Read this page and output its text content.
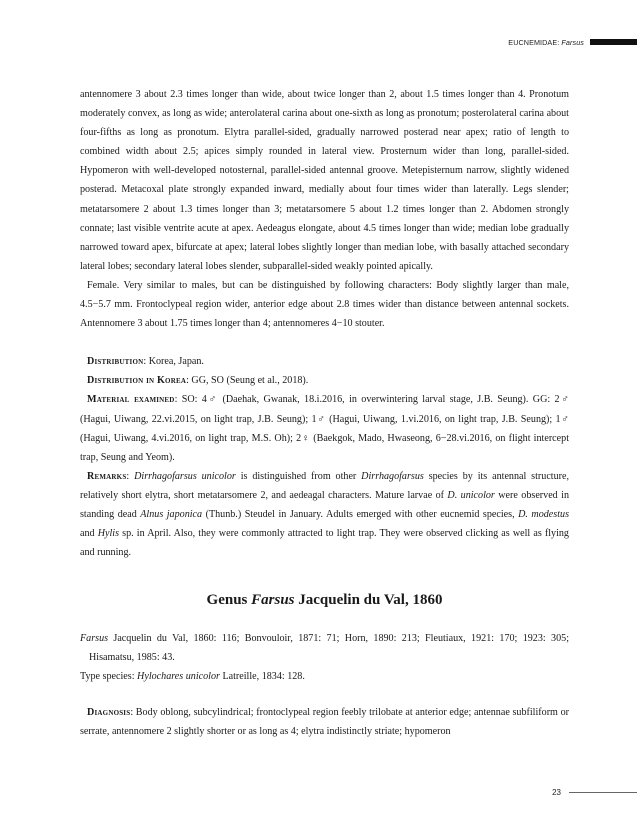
EUCNEMIDAE: Farsus

antennomere 3 about 2.3 times longer than wide, about twice longer than 2, about 1.5 times longer than 4. Pronotum moderately convex, as long as wide; anterolateral carina about one-sixth as long as pronotum; posterolateral carina about four-fifths as long as pronotum. Elytra parallel-sided, gradually narrowed posterad near apex; ratio of length to combined width about 2.5; apices simply rounded in lateral view. Prosternum wider than long, parallel-sided. Hypomeron with well-developed notosternal, parallel-sided antennal groove. Metepisternum narrow, slightly widened posterad. Metacoxal plate strongly expanded inward, medially about four times wider than laterally. Legs slender; metatarsomere 2 about 1.3 times longer than 3; metatarsomere 5 about 1.2 times longer than 2. Abdomen strongly connate; last visible ventrite acute at apex. Aedeagus elongate, about 4.5 times longer than wide; median lobe gradually narrowed toward apex, bifurcate at apex; lateral lobes slightly longer than median lobe, with basally attached secondary lateral lobes; secondary lateral lobes slender, subparallel-sided weakly pointed apically.

Female. Very similar to males, but can be distinguished by following characters: Body slightly larger than male, 4.5−5.7 mm. Frontoclypeal region wider, anterior edge about 2.8 times wider than distance between antennal sockets. Antennomere 3 about 1.75 times longer than 4; antennomeres 4−10 stouter.

Distribution: Korea, Japan.

Distribution in Korea: GG, SO (Seung et al., 2018).

Material examined: SO: 4♂ (Daehak, Gwanak, 18.i.2016, in overwintering larval stage, J.B. Seung). GG: 2♂ (Hagui, Uiwang, 22.vi.2015, on light trap, J.B. Seung); 1♂ (Hagui, Uiwang, 1.vi.2016, on light trap, J.B. Seung); 1♂ (Hagui, Uiwang, 4.vi.2016, on light trap, M.S. Oh); 2♀ (Baekgok, Mado, Hwaseong, 6−28.vi.2016, on flight intercept trap, Seung and Yeom).

Remarks: Dirrhagofarsus unicolor is distinguished from other Dirrhagofarsus species by its antennal structure, relatively short elytra, short metatarsomere 2, and aedeagal characters. Mature larvae of D. unicolor were observed in standing dead Alnus japonica (Thunb.) Steudel in January. Adults emerged with other eucnemid species, D. modestus and Hylis sp. in April. Also, they were commonly attracted to light trap. They were observed clicking as well as flying and running.

Genus Farsus Jacquelin du Val, 1860

Farsus Jacquelin du Val, 1860: 116; Bonvouloir, 1871: 71; Horn, 1890: 213; Fleutiaux, 1921: 170; 1923: 305; Hisamatsu, 1985: 43.

Type species: Hylochares unicolor Latreille, 1834: 128.

Diagnosis: Body oblong, subcylindrical; frontoclypeal region feebly trilobate at anterior edge; antennae subfiliform or serrate, antennomere 2 slightly shorter or as long as 4; elytra indistinctly striate; hypomeron

23
